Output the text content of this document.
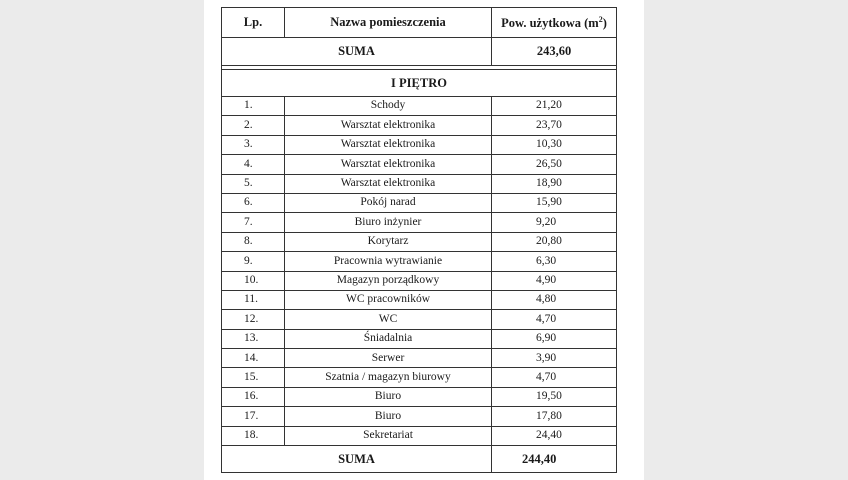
Lp.	Nazwa pomieszczenia	Pow. użytkowa $(m^2)$
SUMA		243,60

I PIĘTRO		
1.	Schody	21,20
2.	Warsztat elektronika	23,70
3.	Warsztat elektronika	10,30
4.	Warsztat elektronika	26,50
5.	Warsztat elektronika	18,90
6.	Pokój narad	15,90
7.	Biuro inżynier	9,20
8.	Korytarz	20,80
9.	Pracownia wytrawianie	6,30
10.	Magazyn porządkowy	4,90
11.	WC pracowników	4,80
12.	WC	4,70
13.	Śniadalnia	6,90
14.	Serwer	3,90
15.	Szatnia / magazyn biurowy	4,70
16.	Biuro	19,50
17.	Biuro	17,80
18.	Sekretariat	24,40
SUMA		244,40
